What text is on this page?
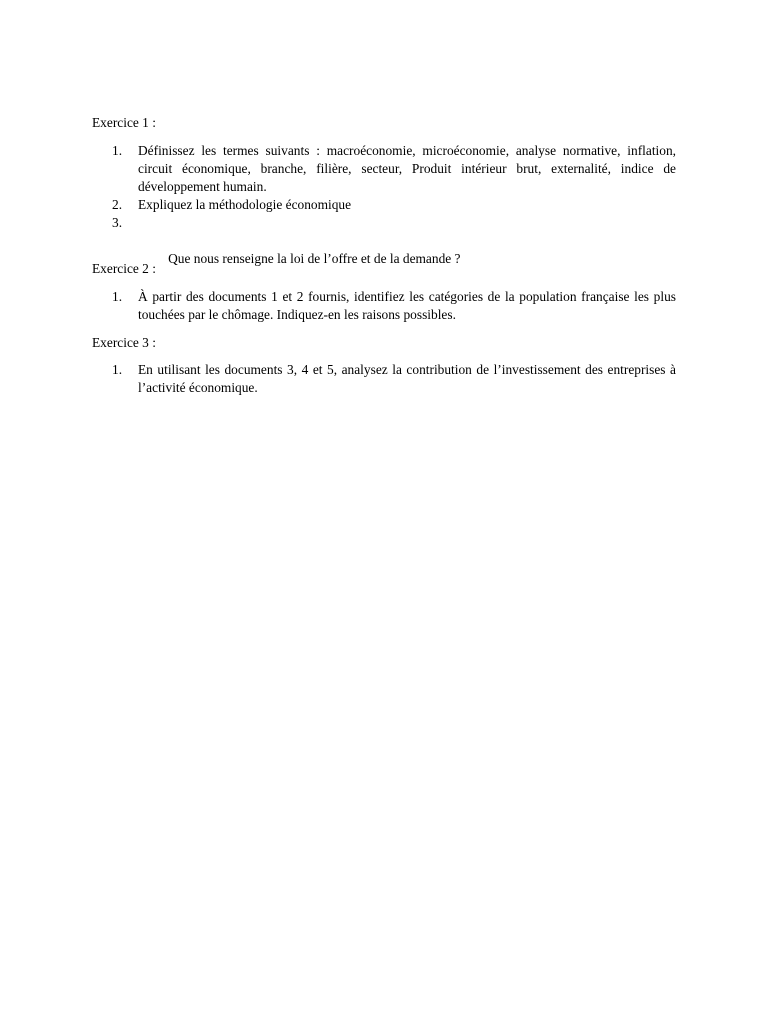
Exercice 1 :

1. Définissez les termes suivants : macroéconomie, microéconomie, analyse normative, inflation, circuit économique, branche, filière, secteur, Produit intérieur brut, externalité, indice de développement humain.
2. Expliquez la méthodologie économique

3.

Que nous renseigne la loi de l’offre et de la demande ?

Exercice 2 :

1. À partir des documents 1 et 2 fournis, identifiez les catégories de la population française les plus touchées par le chômage. Indiquez-en les raisons possibles.

Exercice 3 :

1. En utilisant les documents 3, 4 et 5, analysez la contribution de l’investissement des entreprises à l’activité économique.
